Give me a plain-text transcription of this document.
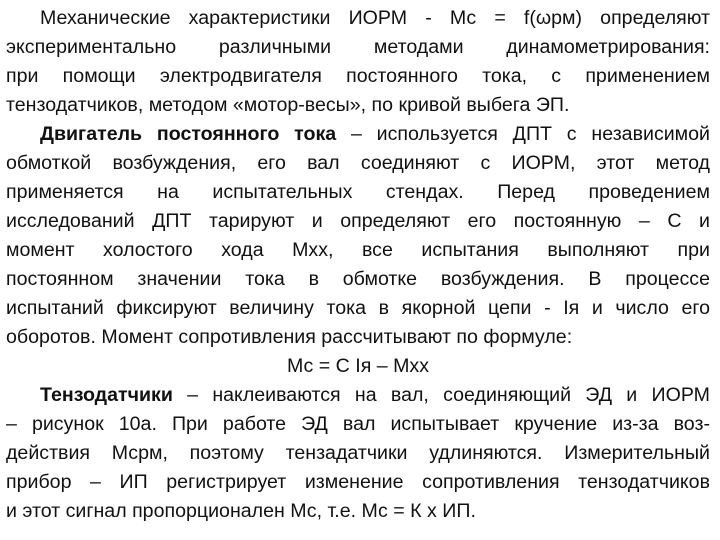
Механические характеристики ИОРМ - Мс = f(ωрм) определяют
экспериментально различными методами динамометрирования:
при помощи электродвигателя постоянного тока, с применением
тензодатчиков, методом «мотор-весы», по кривой выбега ЭП.
Двигатель постоянного тока – используется ДПТ с независимой
обмоткой возбуждения, его вал соединяют с ИОРМ, этот метод
применяется на испытательных стендах. Перед проведением
исследований ДПТ тарируют и определяют его постоянную – С и
момент холостого хода Мхх, все испытания выполняют при
постоянном значении тока в обмотке возбуждения. В процессе
испытаний фиксируют величину тока в якорной цепи - Iя и число его
оборотов. Момент сопротивления рассчитывают по формуле:
Мс = С Iя – Мхх
Тензодатчики – наклеиваются на вал, соединяющий ЭД и ИОРМ
– рисунок 10а. При работе ЭД вал испытывает кручение из-за воз-
действия Мсрм, поэтому тензадатчики удлиняются. Измерительный
прибор – ИП регистрирует изменение сопротивления тензодатчиков
и этот сигнал пропорционален Мс, т.е. Мс = К х ИП.
